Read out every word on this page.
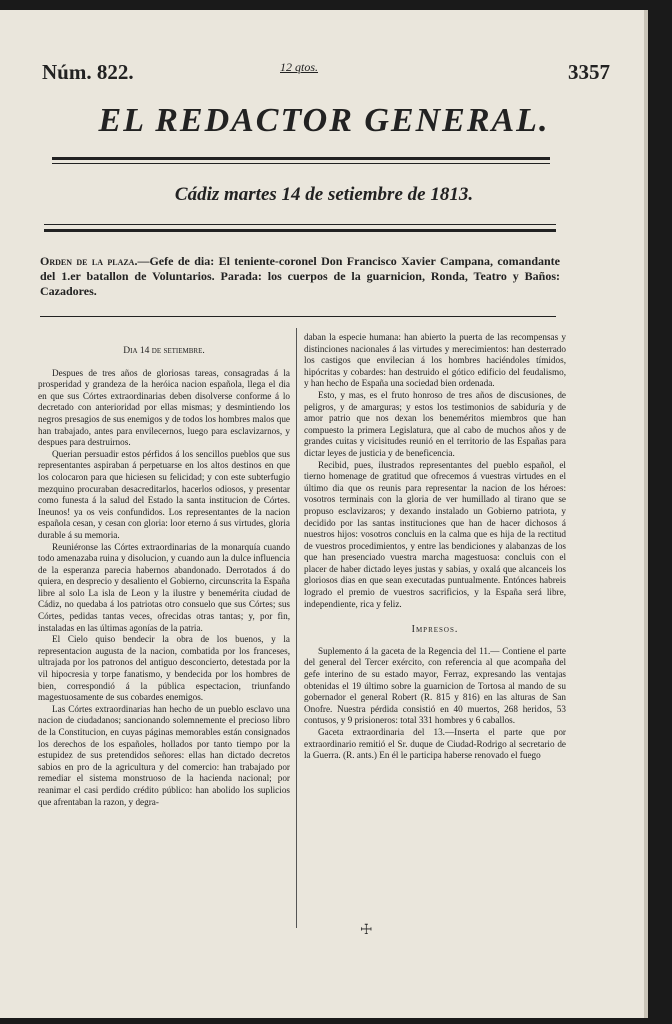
Núm. 822.	12 qtos.	3357
EL REDACTOR GENERAL.
Cádiz martes 14 de setiembre de 1813.
Orden de la plaza.—Gefe de dia: El teniente-coronel Don Francisco Xavier Campana, comandante del 1.er batallon de Voluntarios. Parada: los cuerpos de la guarnicion, Ronda, Teatro y Baños: Cazadores.

Dia 14 de setiembre.

Despues de tres años de gloriosas tareas, consagradas á la prosperidad y grandeza de la heróica nacion española, llega el dia en que sus Córtes extraordinarias deben disolverse conforme á lo decretado con anterioridad por ellas mismas; y desmintiendo los negros presagios de sus enemigos y de todos los hombres malos que han trabajado, antes para envilecernos, luego para esclavizarnos, y despues para destruirnos.

Querian persuadir estos pérfidos á los sencillos pueblos que sus representantes aspiraban á perpetuarse en los altos destinos en que los colocaron para que hiciesen su felicidad; y con este subterfugio mezquino procuraban desacreditarlos, hacerlos odiosos, y presentar como funesta á la salud del Estado la santa institucion de Córtes. Ineunos! ya os veis confundidos. Los representantes de la nacion española cesan, y cesan con gloria: loor eterno á sus virtudes, gloria durable á su memoria.

Reuniéronse las Córtes extraordinarias de la monarquía cuando todo amenazaba ruina y disolucion, y cuando aun la dulce influencia de la esperanza parecia habernos abandonado. Derrotados á do quiera, en desprecio y desaliento el Gobierno, circunscrita la España libre al solo La isla de Leon y la ilustre y benemérita ciudad de Cádiz, no quedaba á los patriotas otro consuelo que sus Córtes; sus Córtes, pedidas tantas veces, ofrecidas otras tantas; y, por fin, instaladas en las últimas agonías de la patria.

El Cielo quiso bendecir la obra de los buenos, y la representacion augusta de la nacion, combatida por los franceses, ultrajada por los patronos del antiguo desconcierto, detestada por la vil hipocresia y torpe fanatismo, y bendecida por los hombres de bien, correspondió á la pública espectacion, triunfando magestuosamente de sus cobardes enemigos.

Las Córtes extraordinarias han hecho de un pueblo esclavo una nacion de ciudadanos; sancionando solemnemente el precioso libro de la Constitucion, en cuyas páginas memorables están consignados los derechos de los españoles, hollados por tanto tiempo por la estupidez de sus pretendidos señores: ellas han dictado decretos sabios en pro de la agricultura y del comercio: han trabajado por remediar el sistema monstruoso de la hacienda nacional; por reanimar el casi perdido crédito público: han abolido los suplicios que afrentaban la razon, y degra-

daban la especie humana: han abierto la puerta de las recompensas y distinciones nacionales á las virtudes y merecimientos: han desterrado los castigos que envilecian á los hombres haciéndoles tímidos, hipócritas y cobardes: han destruido el gótico edificio del feudalismo, y han hecho de España una sociedad bien ordenada.

Esto, y mas, es el fruto honroso de tres años de discusiones, de peligros, y de amarguras; y estos los testimonios de sabiduría y de amor patrio que nos dexan los beneméritos miembros que han compuesto la primera Legislatura, que al cabo de muchos años y de grandes cuitas y vicisitudes reunió en el territorio de las Españas para dictar leyes de justicia y de beneficencia.

Recibid, pues, ilustrados representantes del pueblo español, el tierno homenage de gratitud que ofrecemos á vuestras virtudes en el último dia que os reunis para representar la nacion de los héroes: vosotros terminais con la gloria de ver humillado al tirano que se propuso esclavizaros; y dexando instalado un Gobierno patriota, y decidido por las santas instituciones que han de hacer dichosos á nuestros hijos: vosotros concluis en la calma que es hija de la rectitud de vuestros procedimientos, y entre las bendiciones y alabanzas de los que han presenciado vuestra marcha magestuosa: concluis con el placer de haber dictado leyes justas y sabias, y oxalá que alcanceis los gloriosos dias en que sean executadas puntualmente. Entónces habreis logrado el premio de vuestros sacrificios, y la España será libre, independiente, rica y feliz.

Impresos.

Suplemento á la gaceta de la Regencia del 11.— Contiene el parte del general del Tercer exército, con referencia al que acompaña del gefe interino de su estado mayor, Ferraz, expresando las ventajas obtenidas el 19 último sobre la guarnicion de Tortosa al mando de su gobernador el general Robert (R. 815 y 816) en las alturas de San Onofre. Nuestra pérdida consistió en 40 muertos, 268 heridos, 53 contusos, y 9 prisioneros: total 331 hombres y 6 caballos.

Gaceta extraordinaria del 13.—Inserta el parte que por extraordinario remitió el Sr. duque de Ciudad-Rodrigo al secretario de la Guerra. (R. ants.) En él le participa haberse renovado el fuego

☩
